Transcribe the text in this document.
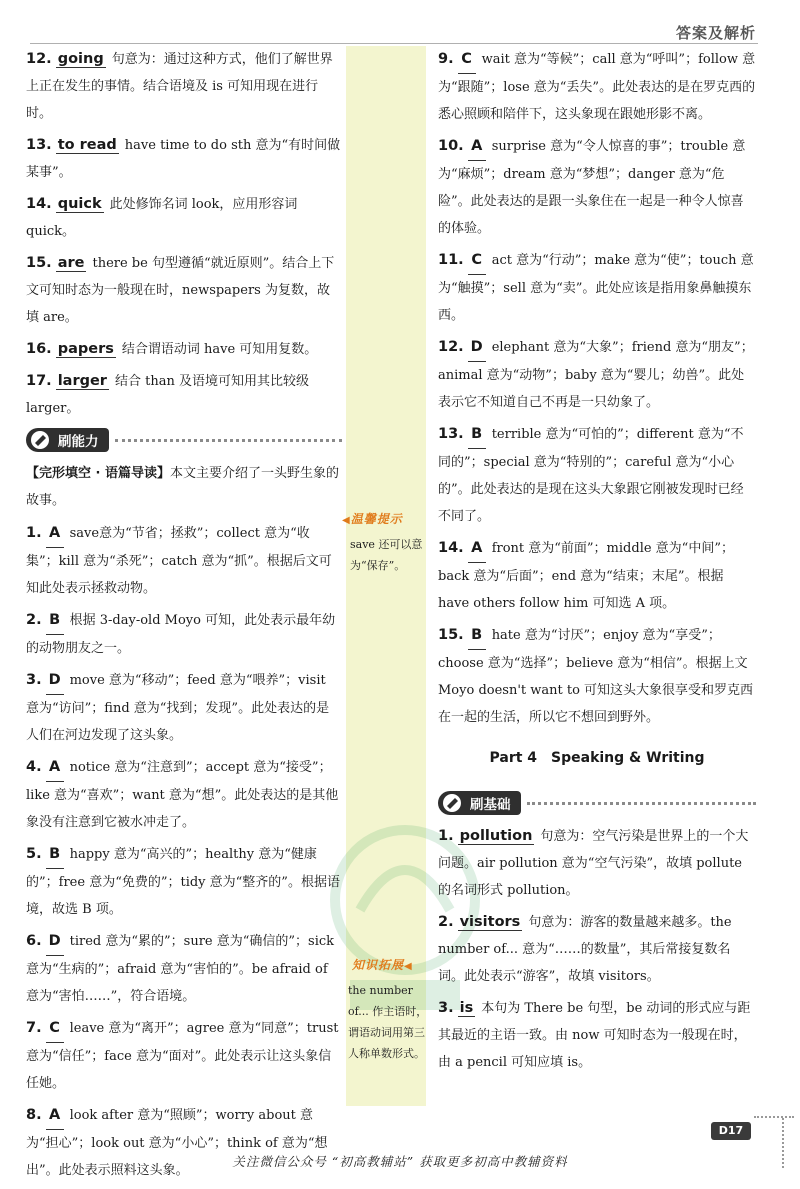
答案及解析
12. going 句意为：通过这种方式，他们了解世界上正在发生的事情。结合语境及 is 可知用现在进行时。
13. to read have time to do sth 意为“有时间做某事”。
14. quick 此处修饰名词 look，应用形容词 quick。
15. are there be 句型遵循“就近原则”。结合上下文可知时态为一般现在时，newspapers 为复数，故填 are。
16. papers 结合谓语动词 have 可知用复数。
17. larger 结合 than 及语境可知用其比较级 larger。
刷能力
【完形填空 · 语篇导读】本文主要介绍了一头野生象的故事。
1. A save意为“节省；拯救”；collect 意为“收集”；kill 意为“杀死”；catch 意为“抓”。根据后文可知此处表示拯救动物。
2. B 根据 3-day-old Moyo 可知，此处表示最年幼的动物朋友之一。
3. D move 意为“移动”；feed 意为“喂养”；visit 意为“访问”；find 意为“找到；发现”。此处表达的是人们在河边发现了这头象。
4. A notice 意为“注意到”；accept 意为“接受”；like 意为“喜欢”；want 意为“想”。此处表达的是其他象没有注意到它被水冲走了。
5. B happy 意为“高兴的”；healthy 意为“健康的”；free 意为“免费的”；tidy 意为“整齐的”。根据语境，故选 B 项。
6. D tired 意为“累的”；sure 意为“确信的”；sick 意为“生病的”；afraid 意为“害怕的”。be afraid of 意为“害怕……”，符合语境。
7. C leave 意为“离开”；agree 意为“同意”；trust 意为“信任”；face 意为“面对”。此处表示让这头象信任她。
8. A look after 意为“照顾”；worry about 意为“担心”；look out 意为“小心”；think of 意为“想出”。此处表示照料这头象。
◀温馨提示
save 还可以意为“保存”。
知识拓展◀
the number of... 作主语时，谓语动词用第三人称单数形式。
9. C wait 意为“等候”；call 意为“呼叫”；follow 意为“跟随”；lose 意为“丢失”。此处表达的是在罗克西的悉心照顾和陪伴下，这头象现在跟她形影不离。
10. A surprise 意为“令人惊喜的事”；trouble 意为“麻烦”；dream 意为“梦想”；danger 意为“危险”。此处表达的是跟一头象住在一起是一种令人惊喜的体验。
11. C act 意为“行动”；make 意为“使”；touch 意为“触摸”；sell 意为“卖”。此处应该是指用象鼻触摸东西。
12. D elephant 意为“大象”；friend 意为“朋友”；animal 意为“动物”；baby 意为“婴儿；幼兽”。此处表示它不知道自己不再是一只幼象了。
13. B terrible 意为“可怕的”；different 意为“不同的”；special 意为“特别的”；careful 意为“小心的”。此处表达的是现在这头大象跟它刚被发现时已经不同了。
14. A front 意为“前面”；middle 意为“中间”；back 意为“后面”；end 意为“结束；末尾”。根据 have others follow him 可知选 A 项。
15. B hate 意为“讨厌”；enjoy 意为“享受”；choose 意为“选择”；believe 意为“相信”。根据上文 Moyo doesn't want to 可知这头大象很享受和罗克西在一起的生活，所以它不想回到野外。
Part 4　Speaking & Writing
刷基础
1. pollution 句意为：空气污染是世界上的一个大问题。air pollution 意为“空气污染”，故填 pollute 的名词形式 pollution。
2. visitors 句意为：游客的数量越来越多。the number of... 意为“……的数量”，其后常接复数名词。此处表示“游客”，故填 visitors。
3. is 本句为 There be 句型，be 动词的形式应与距其最近的主语一致。由 now 可知时态为一般现在时，由 a pencil 可知应填 is。
D17
关注微信公众号 “初高教辅站” 获取更多初高中教辅资料
